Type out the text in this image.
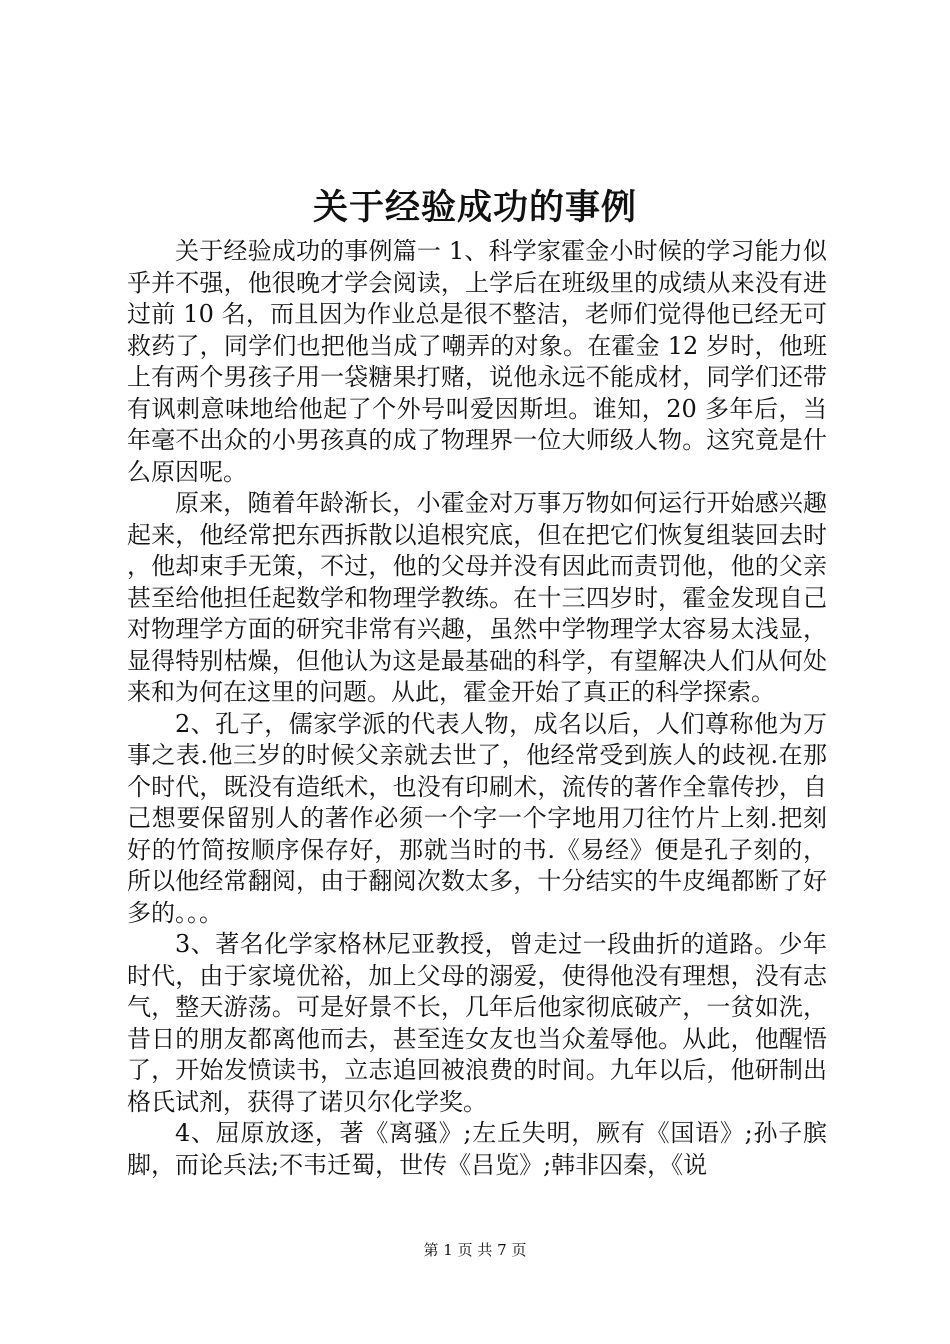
关于经验成功的事例

关于经验成功的事例篇一 1、科学家霍金小时候的学习能力似乎并不强，他很晚才学会阅读，上学后在班级里的成绩从来没有进过前 10 名，而且因为作业总是很不整洁，老师们觉得他已经无可救药了，同学们也把他当成了嘲弄的对象。在霍金 12 岁时，他班上有两个男孩子用一袋糖果打赌，说他永远不能成材，同学们还带有讽刺意味地给他起了个外号叫爱因斯坦。谁知，20 多年后，当年毫不出众的小男孩真的成了物理界一位大师级人物。这究竟是什么原因呢。

原来，随着年龄渐长，小霍金对万事万物如何运行开始感兴趣起来，他经常把东西拆散以追根究底，但在把它们恢复组装回去时，他却束手无策，不过，他的父母并没有因此而责罚他，他的父亲甚至给他担任起数学和物理学教练。在十三四岁时，霍金发现自己对物理学方面的研究非常有兴趣，虽然中学物理学太容易太浅显，显得特别枯燥，但他认为这是最基础的科学，有望解决人们从何处来和为何在这里的问题。从此，霍金开始了真正的科学探索。

2、孔子，儒家学派的代表人物，成名以后，人们尊称他为万事之表.他三岁的时候父亲就去世了，他经常受到族人的歧视.在那个时代，既没有造纸术，也没有印刷术，流传的著作全靠传抄，自己想要保留别人的著作必须一个字一个字地用刀往竹片上刻.把刻好的竹简按顺序保存好，那就当时的书.《易经》便是孔子刻的，所以他经常翻阅，由于翻阅次数太多，十分结实的牛皮绳都断了好多的。。。

3、著名化学家格林尼亚教授，曾走过一段曲折的道路。少年时代，由于家境优裕，加上父母的溺爱，使得他没有理想，没有志气，整天游荡。可是好景不长，几年后他家彻底破产，一贫如洗，昔日的朋友都离他而去，甚至连女友也当众羞辱他。从此，他醒悟了，开始发愤读书，立志追回被浪费的时间。九年以后，他研制出格氏试剂，获得了诺贝尔化学奖。

4、屈原放逐，著《离骚》;左丘失明，厥有《国语》;孙子膑脚，而论兵法;不韦迁蜀，世传《吕览》;韩非囚秦，《说

第 1 页 共 7 页
